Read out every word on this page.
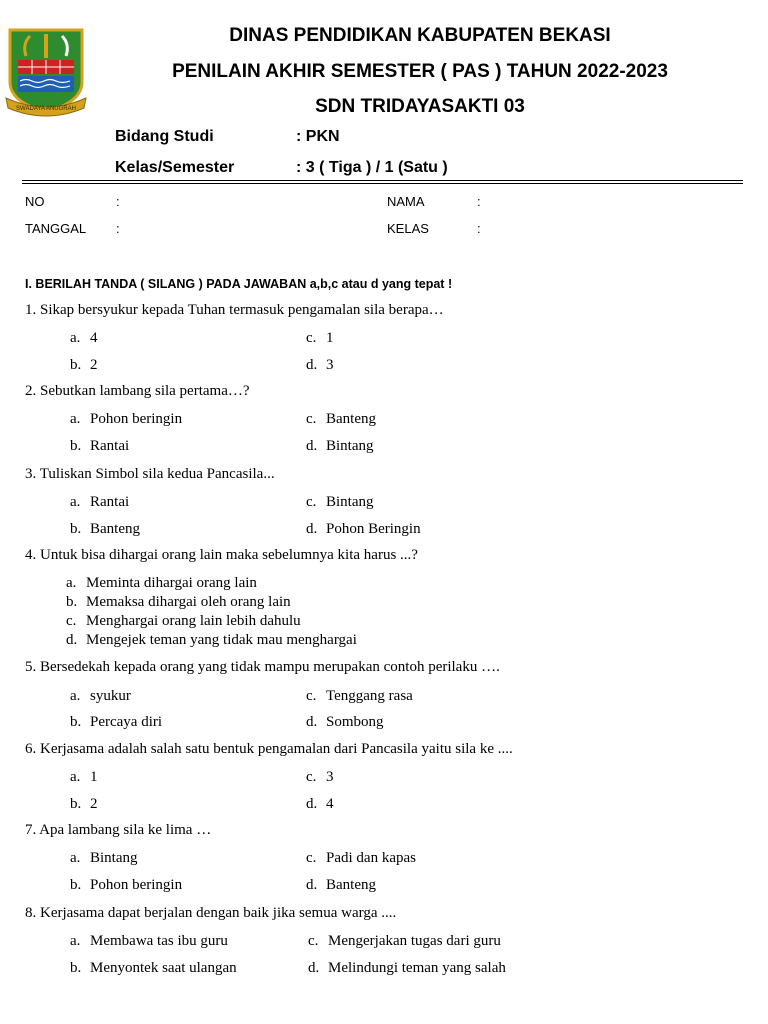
SWADAYA ANUGRAH
DINAS PENDIDIKAN KABUPATEN BEKASI
PENILAIN AKHIR SEMESTER ( PAS ) TAHUN 2022-2023
SDN TRIDAYASAKTI 03
Bidang Studi	: PKN
Kelas/Semester	: 3 ( Tiga ) / 1 (Satu )
NO	:
TANGGAL :
NAMA	:
KELAS	:
I. BERILAH TANDA ( SILANG ) PADA JAWABAN a,b,c atau d yang tepat !
1. Sikap bersyukur kepada Tuhan termasuk pengamalan sila berapa…
a. 4	c. 1
b. 2	d. 3
2. Sebutkan lambang sila pertama…?
a. Pohon beringin	c. Banteng
b. Rantai	d. Bintang
3. Tuliskan Simbol sila kedua Pancasila...
a. Rantai	c. Bintang
b. Banteng	d. Pohon Beringin
4. Untuk bisa dihargai orang lain maka sebelumnya kita harus ...?
a. Meminta dihargai orang lain
b. Memaksa dihargai oleh orang lain
c. Menghargai orang lain lebih dahulu
d. Mengejek teman yang tidak mau menghargai
5. Bersedekah kepada orang yang tidak mampu merupakan contoh perilaku ….
a. syukur	c. Tenggang rasa
b. Percaya diri	d. Sombong
6. Kerjasama adalah salah satu bentuk pengamalan dari Pancasila yaitu sila ke ....
a. 1	c. 3
b. 2	d. 4
7. Apa lambang sila ke lima …
a. Bintang	c. Padi dan kapas
b. Pohon beringin	d. Banteng
8. Kerjasama dapat berjalan dengan baik jika semua warga ....
a. Membawa tas ibu guru	c. Mengerjakan tugas dari guru
b. Menyontek saat ulangan	d. Melindungi teman yang salah
